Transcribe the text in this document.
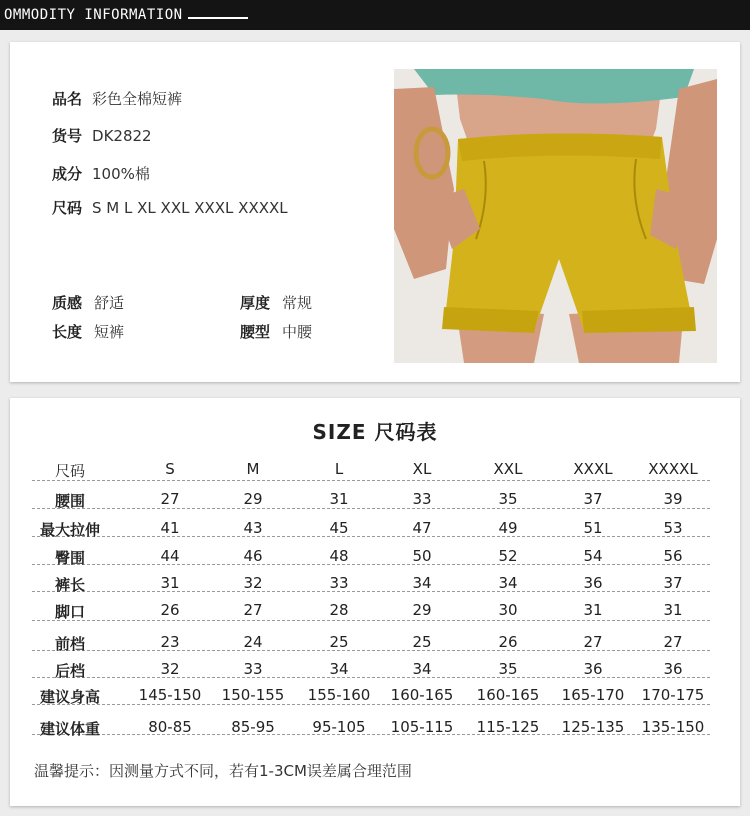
OMMODITY INFORMATION
品名 彩色全棉短裤
货号 DK2822
成分 100%棉
尺码 S M L XL XXL XXXL XXXXL
质感 舒适	厚度 常规
长度 短裤	腰型 中腰
SIZE 尺码表
尺码	S	M	L	XL	XXL	XXXL	XXXXL
腰围	27	29	31	33	35	37	39
最大拉伸	41	43	45	47	49	51	53
臀围	44	46	48	50	52	54	56
裤长	31	32	33	34	34	36	37
脚口	26	27	28	29	30	31	31
前档	23	24	25	25	26	27	27
后档	32	33	34	34	35	36	36
建议身高	145-150	150-155	155-160	160-165	160-165	165-170	170-175
建议体重	80-85	85-95	95-105	105-115	115-125	125-135	135-150
温馨提示：因测量方式不同，若有1-3CM误差属合理范围
